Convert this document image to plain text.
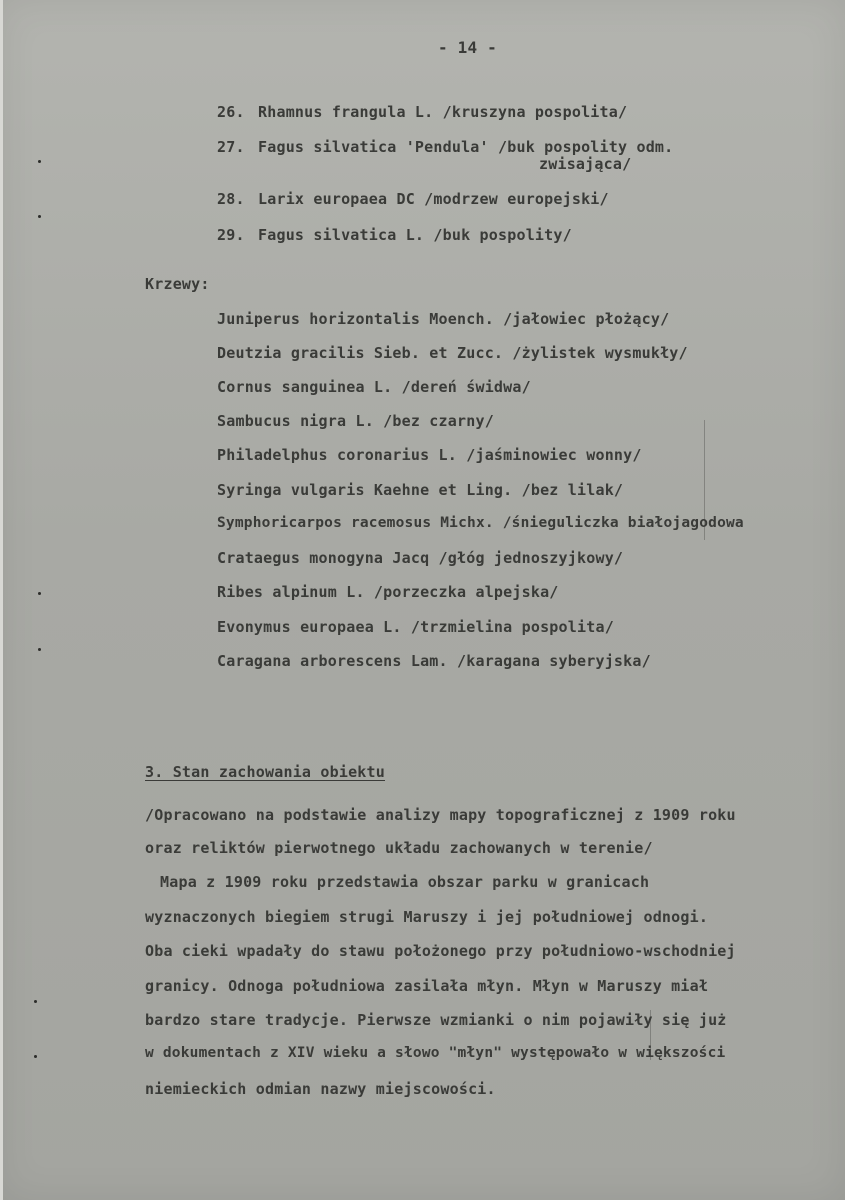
- 14 -
26. Rhamnus frangula L. /kruszyna pospolita/
27. Fagus silvatica 'Pendula' /buk pospolity odm.
zwisająca/
28. Larix europaea DC /modrzew europejski/
29. Fagus silvatica L. /buk pospolity/
Krzewy:
Juniperus horizontalis Moench. /jałowiec płożący/
Deutzia gracilis Sieb. et Zucc. /żylistek wysmukły/
Cornus sanguinea L. /dereń świdwa/
Sambucus nigra L. /bez czarny/
Philadelphus coronarius L. /jaśminowiec wonny/
Syringa vulgaris Kaehne et Ling. /bez lilak/
Symphoricarpos racemosus Michx. /śnieguliczka białojagodowa
Crataegus monogyna Jacq /głóg jednoszyjkowy/
Ribes alpinum L. /porzeczka alpejska/
Evonymus europaea L. /trzmielina pospolita/
Caragana arborescens Lam. /karagana syberyjska/
3. Stan zachowania obiektu
/Opracowano na podstawie analizy mapy topograficznej z 1909 roku
oraz reliktów pierwotnego układu zachowanych w terenie/
Mapa z 1909 roku przedstawia obszar parku w granicach
wyznaczonych biegiem strugi Maruszy i jej południowej odnogi.
Oba cieki wpadały do stawu położonego przy południowo-wschodniej
granicy. Odnoga południowa zasilała młyn. Młyn w Maruszy miał
bardzo stare tradycje. Pierwsze wzmianki o nim pojawiły się już
w dokumentach z XIV wieku a słowo "młyn" występowało w większości
niemieckich odmian nazwy miejscowości.
